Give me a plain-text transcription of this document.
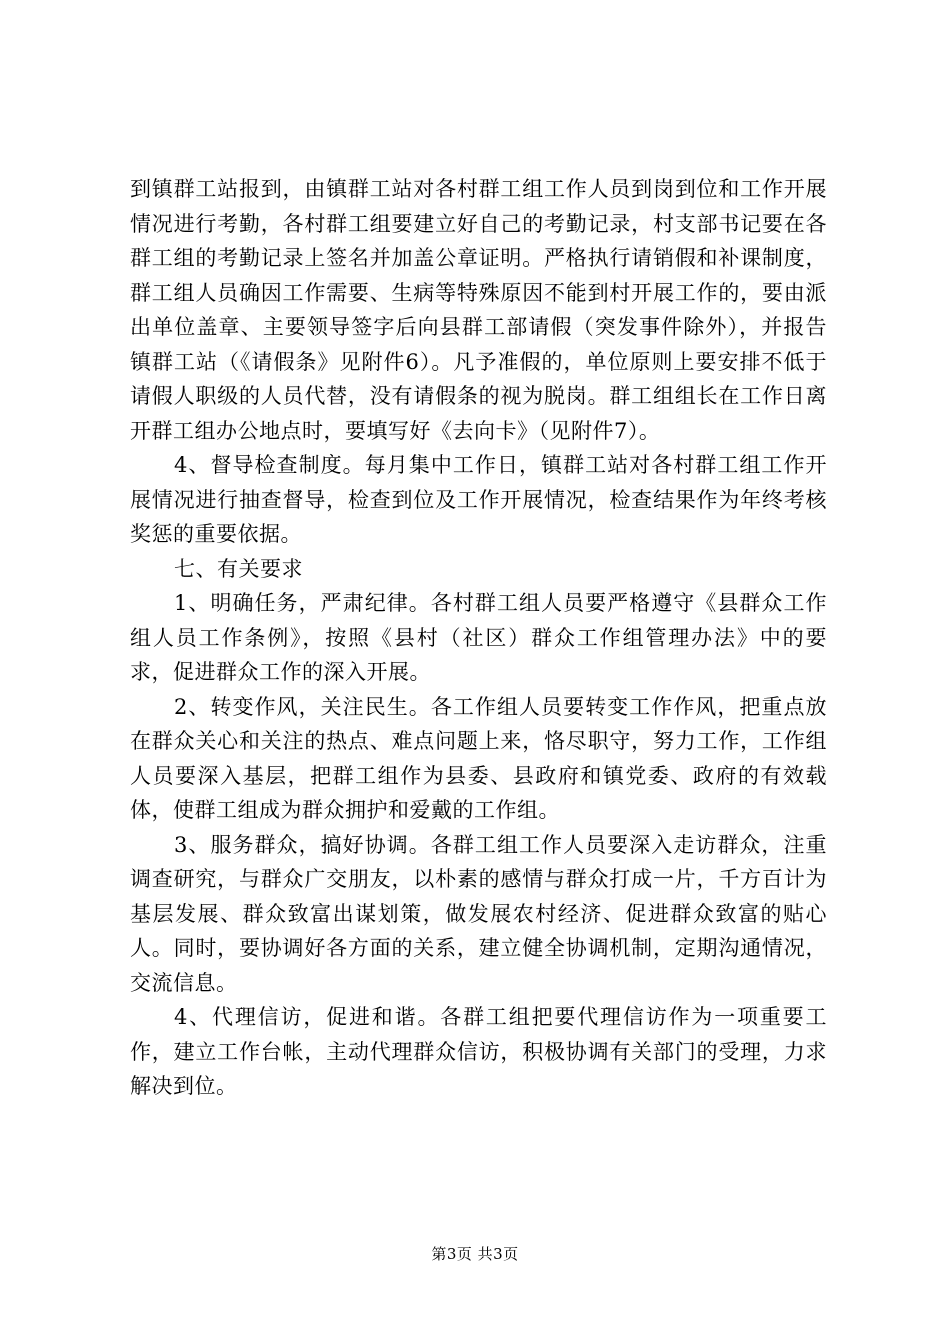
到镇群工站报到，由镇群工站对各村群工组工作人员到岗到位和工作开展情况进行考勤，各村群工组要建立好自己的考勤记录，村支部书记要在各群工组的考勤记录上签名并加盖公章证明。严格执行请销假和补课制度，群工组人员确因工作需要、生病等特殊原因不能到村开展工作的，要由派出单位盖章、主要领导签字后向县群工部请假（突发事件除外），并报告镇群工站（《请假条》见附件6）。凡予准假的，单位原则上要安排不低于请假人职级的人员代替，没有请假条的视为脱岗。群工组组长在工作日离开群工组办公地点时，要填写好《去向卡》（见附件7）。

4、督导检查制度。每月集中工作日，镇群工站对各村群工组工作开展情况进行抽查督导，检查到位及工作开展情况，检查结果作为年终考核奖惩的重要依据。

七、有关要求

1、明确任务，严肃纪律。各村群工组人员要严格遵守《县群众工作组人员工作条例》，按照《县村（社区）群众工作组管理办法》中的要求，促进群众工作的深入开展。

2、转变作风，关注民生。各工作组人员要转变工作作风，把重点放在群众关心和关注的热点、难点问题上来，恪尽职守，努力工作，工作组人员要深入基层，把群工组作为县委、县政府和镇党委、政府的有效载体，使群工组成为群众拥护和爱戴的工作组。

3、服务群众，搞好协调。各群工组工作人员要深入走访群众，注重调查研究，与群众广交朋友，以朴素的感情与群众打成一片，千方百计为基层发展、群众致富出谋划策，做发展农村经济、促进群众致富的贴心人。同时，要协调好各方面的关系，建立健全协调机制，定期沟通情况，交流信息。

4、代理信访，促进和谐。各群工组把要代理信访作为一项重要工作，建立工作台帐，主动代理群众信访，积极协调有关部门的受理，力求解决到位。

第3页 共3页
